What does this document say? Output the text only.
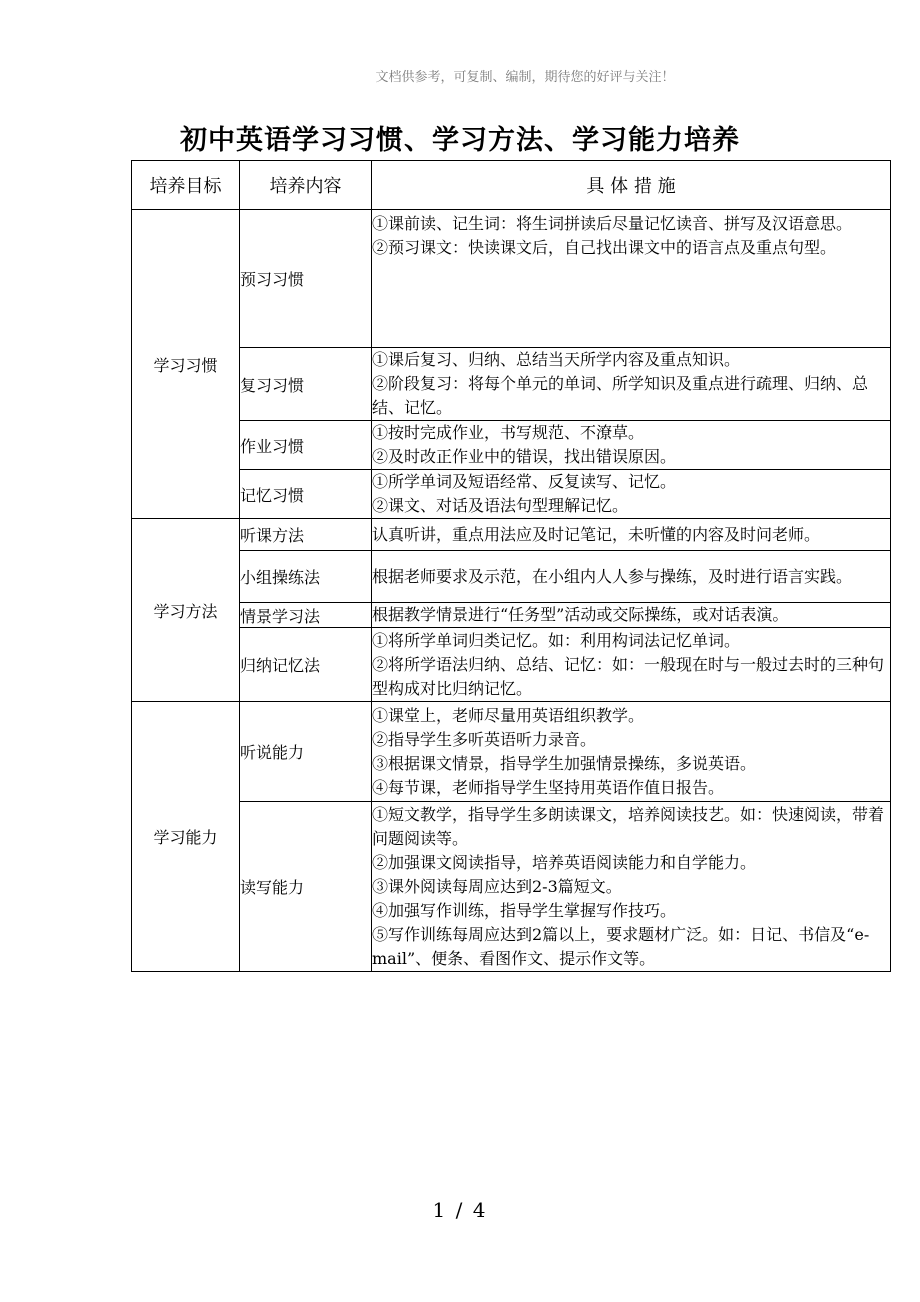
文档供参考，可复制、编制，期待您的好评与关注！
初中英语学习习惯、学习方法、学习能力培养
培养目标	培养内容	具 体 措 施
学习习惯	预习习惯	①课前读、记生词：将生词拼读后尽量记忆读音、拼写及汉语意思。
②预习课文：快读课文后，自己找出课文中的语言点及重点句型。

	复习习惯	①课后复习、归纳、总结当天所学内容及重点知识。
②阶段复习：将每个单元的单词、所学知识及重点进行疏理、归纳、总结、记忆。

	作业习惯	①按时完成作业，书写规范、不潦草。
②及时改正作业中的错误，找出错误原因。

	记忆习惯	①所学单词及短语经常、反复读写、记忆。
②课文、对话及语法句型理解记忆。

学习方法	听课方法	认真听讲，重点用法应及时记笔记，未听懂的内容及时问老师。

	小组操练法	根据老师要求及示范，在小组内人人参与操练，及时进行语言实践。

	情景学习法	根据教学情景进行“任务型”活动或交际操练，或对话表演。

	归纳记忆法	①将所学单词归类记忆。如：利用构词法记忆单词。
②将所学语法归纳、总结、记忆：如：一般现在时与一般过去时的三种句型构成对比归纳记忆。

学习能力	听说能力	①课堂上，老师尽量用英语组织教学。
②指导学生多听英语听力录音。
③根据课文情景，指导学生加强情景操练，多说英语。
④每节课，老师指导学生坚持用英语作值日报告。

	读写能力	①短文教学，指导学生多朗读课文，培养阅读技艺。如：快速阅读，带着问题阅读等。
②加强课文阅读指导，培养英语阅读能力和自学能力。
③课外阅读每周应达到2-3篇短文。
④加强写作训练，指导学生掌握写作技巧。
⑤写作训练每周应达到2篇以上，要求题材广泛。如：日记、书信及“e-mail”、便条、看图作文、提示作文等。
1 / 4
